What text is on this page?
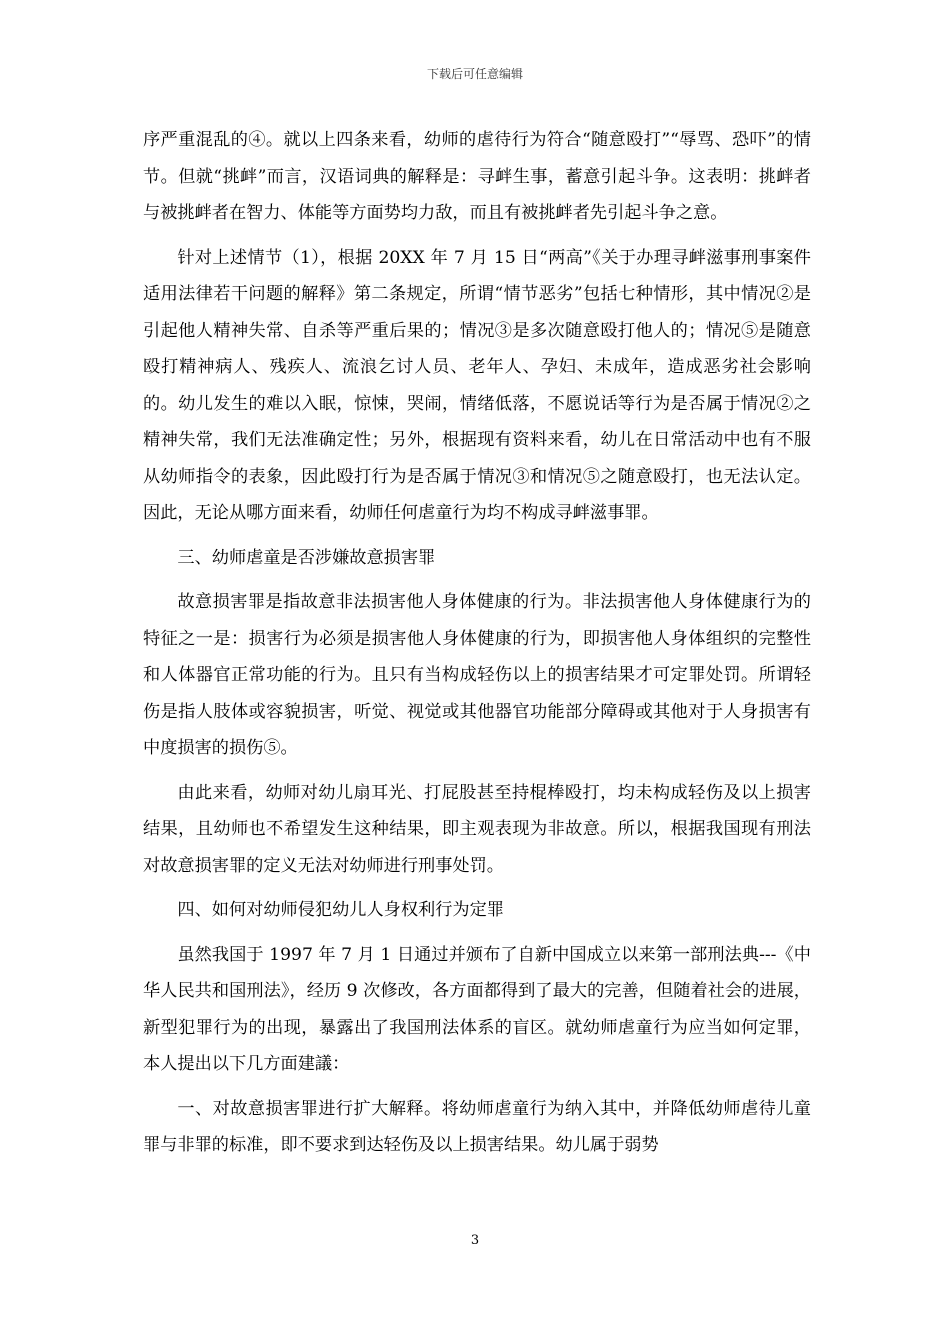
下载后可任意编辑

序严重混乱的④。就以上四条来看，幼师的虐待行为符合“随意殴打”“辱骂、恐吓”的情节。但就“挑衅”而言，汉语词典的解释是：寻衅生事，蓄意引起斗争。这表明：挑衅者与被挑衅者在智力、体能等方面势均力敌，而且有被挑衅者先引起斗争之意。

针对上述情节（1），根据 20XX 年 7 月 15 日“两高”《关于办理寻衅滋事刑事案件适用法律若干问题的解释》第二条规定，所谓“情节恶劣”包括七种情形，其中情况②是引起他人精神失常、自杀等严重后果的；情况③是多次随意殴打他人的；情况⑤是随意殴打精神病人、残疾人、流浪乞讨人员、老年人、孕妇、未成年，造成恶劣社会影响的。幼儿发生的难以入眠，惊悚，哭闹，情绪低落，不愿说话等行为是否属于情况②之精神失常，我们无法准确定性；另外，根据现有资料来看，幼儿在日常活动中也有不服从幼师指令的表象，因此殴打行为是否属于情况③和情况⑤之随意殴打，也无法认定。因此，无论从哪方面来看，幼师任何虐童行为均不构成寻衅滋事罪。

三、幼师虐童是否涉嫌故意损害罪

故意损害罪是指故意非法损害他人身体健康的行为。非法损害他人身体健康行为的特征之一是：损害行为必须是损害他人身体健康的行为，即损害他人身体组织的完整性和人体器官正常功能的行为。且只有当构成轻伤以上的损害结果才可定罪处罚。所谓轻伤是指人肢体或容貌损害，听觉、视觉或其他器官功能部分障碍或其他对于人身损害有中度损害的损伤⑤。

由此来看，幼师对幼儿扇耳光、打屁股甚至持棍棒殴打，均未构成轻伤及以上损害结果，且幼师也不希望发生这种结果，即主观表现为非故意。所以，根据我国现有刑法对故意损害罪的定义无法对幼师进行刑事处罚。

四、如何对幼师侵犯幼儿人身权利行为定罪

虽然我国于 1997 年 7 月 1 日通过并颁布了自新中国成立以来第一部刑法典---《中华人民共和国刑法》，经历 9 次修改，各方面都得到了最大的完善，但随着社会的进展，新型犯罪行为的出现，暴露出了我国刑法体系的盲区。就幼师虐童行为应当如何定罪，本人提出以下几方面建議：

一、对故意损害罪进行扩大解释。将幼师虐童行为纳入其中，并降低幼师虐待儿童罪与非罪的标准，即不要求到达轻伤及以上损害结果。幼儿属于弱势

3
